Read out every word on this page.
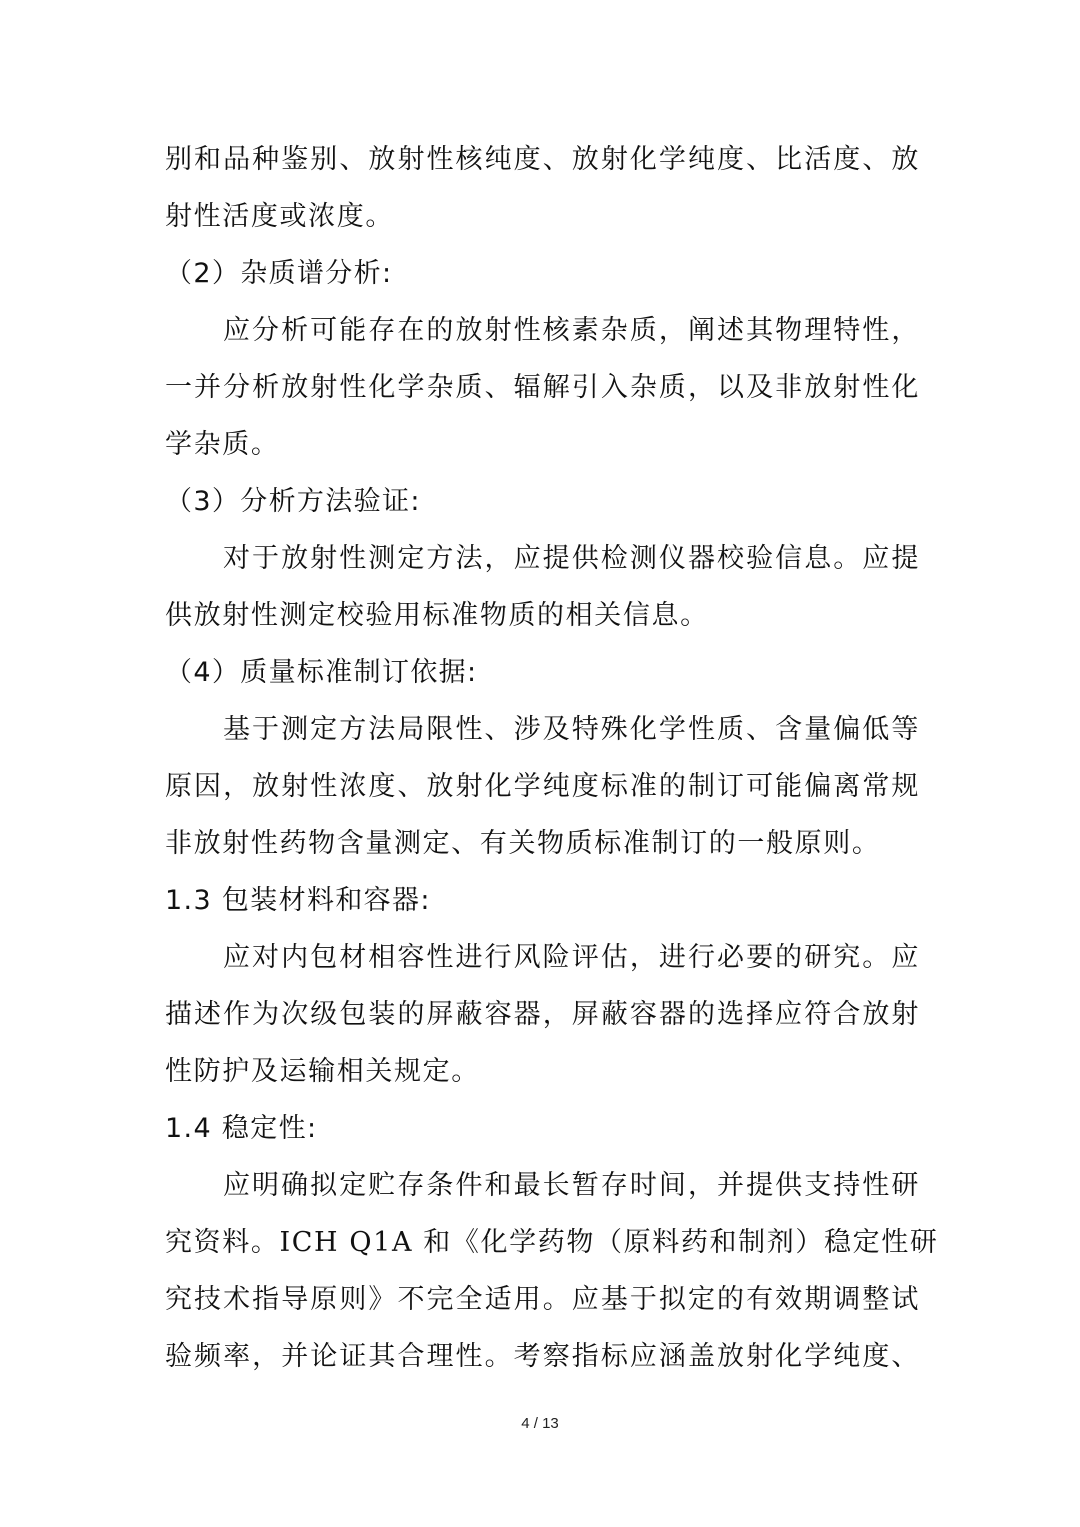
别和品种鉴别、放射性核纯度、放射化学纯度、比活度、放
射性活度或浓度。
（2）杂质谱分析:
应分析可能存在的放射性核素杂质，阐述其物理特性，
一并分析放射性化学杂质、辐解引入杂质，以及非放射性化
学杂质。
（3）分析方法验证:
对于放射性测定方法，应提供检测仪器校验信息。应提
供放射性测定校验用标准物质的相关信息。
（4）质量标准制订依据:
基于测定方法局限性、涉及特殊化学性质、含量偏低等
原因，放射性浓度、放射化学纯度标准的制订可能偏离常规
非放射性药物含量测定、有关物质标准制订的一般原则。
1.3 包装材料和容器:
应对内包材相容性进行风险评估，进行必要的研究。应
描述作为次级包装的屏蔽容器，屏蔽容器的选择应符合放射
性防护及运输相关规定。
1.4 稳定性:
应明确拟定贮存条件和最长暂存时间，并提供支持性研
究资料。ICH Q1A 和《化学药物（原料药和制剂）稳定性研
究技术指导原则》不完全适用。应基于拟定的有效期调整试
验频率，并论证其合理性。考察指标应涵盖放射化学纯度、
4 / 13
